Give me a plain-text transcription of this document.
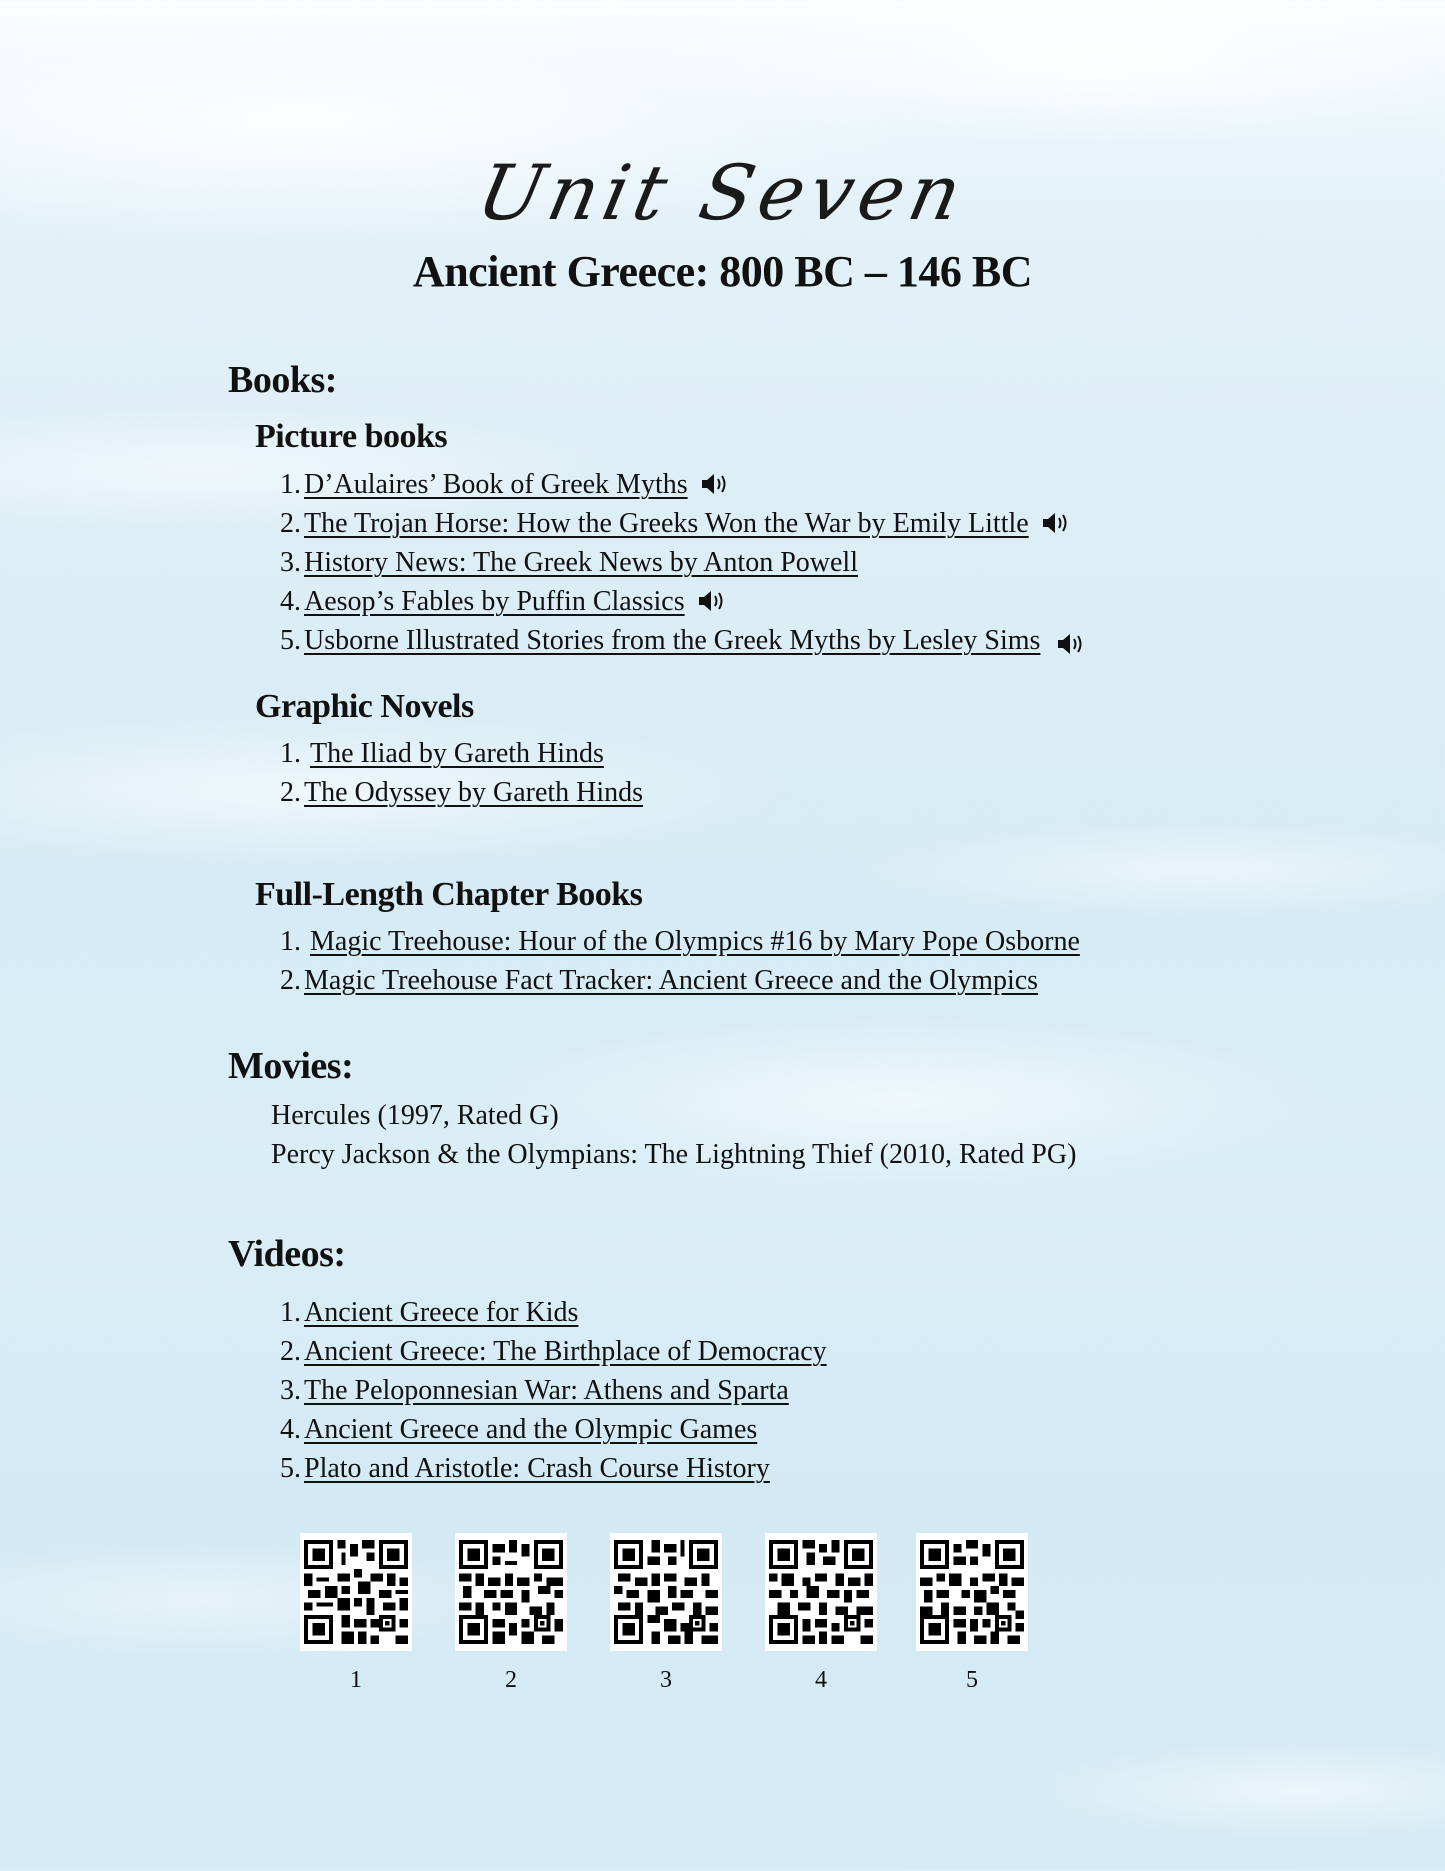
Unit Seven
Ancient Greece: 800 BC – 146 BC
Books:
Picture books
1. D’Aulaires’ Book of Greek Myths
2. The Trojan Horse: How the Greeks Won the War by Emily Little
3. History News: The Greek News by Anton Powell
4. Aesop’s Fables by Puffin Classics
5. Usborne Illustrated Stories from the Greek Myths by Lesley Sims
Graphic Novels
1. The Iliad by Gareth Hinds
2. The Odyssey by Gareth Hinds
Full-Length Chapter Books
1. Magic Treehouse: Hour of the Olympics #16 by Mary Pope Osborne
2. Magic Treehouse Fact Tracker: Ancient Greece and the Olympics
Movies:
Hercules (1997, Rated G)
Percy Jackson & the Olympians: The Lightning Thief (2010, Rated PG)
Videos:
1. Ancient Greece for Kids
2. Ancient Greece: The Birthplace of Democracy
3. The Peloponnesian War: Athens and Sparta
4. Ancient Greece and the Olympic Games
5. Plato and Aristotle: Crash Course History
1	2	3	4	5
